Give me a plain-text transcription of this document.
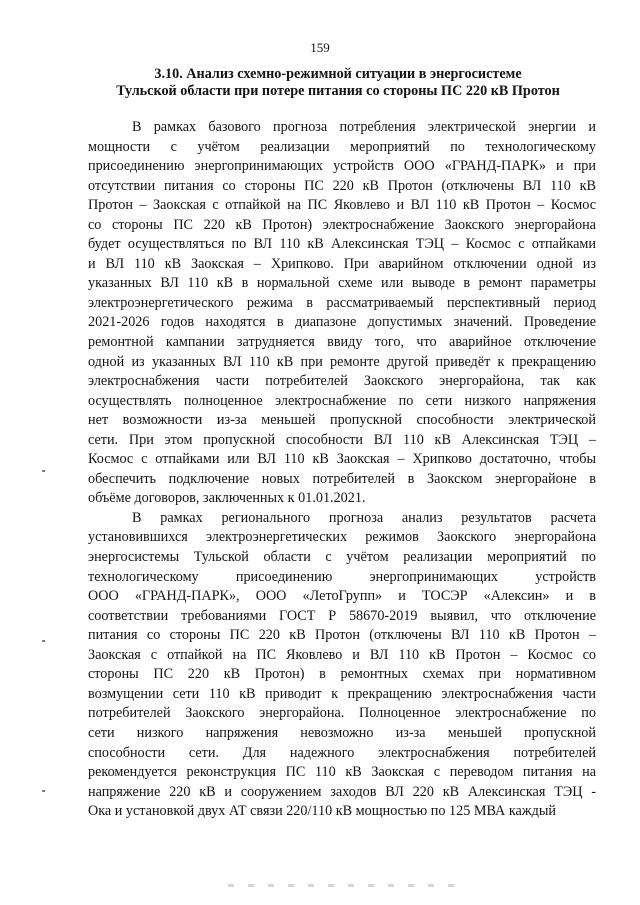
159
3.10. Анализ схемно-режимной ситуации в энергосистеме
Тульской области при потере питания со стороны ПС 220 кВ Протон
В рамках базового прогноза потребления электрической энергии и
мощности с учётом реализации мероприятий по технологическому
присоединению энергопринимающих устройств ООО «ГРАНД-ПАРК» и при
отсутствии питания со стороны ПС 220 кВ Протон (отключены ВЛ 110 кВ
Протон – Заокская с отпайкой на ПС Яковлево и ВЛ 110 кВ Протон – Космос
со стороны ПС 220 кВ Протон) электроснабжение Заокского энергорайона
будет осуществляться по ВЛ 110 кВ Алексинская ТЭЦ – Космос с отпайками
и ВЛ 110 кВ Заокская – Хрипково. При аварийном отключении одной из
указанных ВЛ 110 кВ в нормальной схеме или выводе в ремонт параметры
электроэнергетического режима в рассматриваемый перспективный период
2021-2026 годов находятся в диапазоне допустимых значений. Проведение
ремонтной кампании затрудняется ввиду того, что аварийное отключение
одной из указанных ВЛ 110 кВ при ремонте другой приведёт к прекращению
электроснабжения части потребителей Заокского энергорайона, так как
осуществлять полноценное электроснабжение по сети низкого напряжения
нет возможности из-за меньшей пропускной способности электрической
сети. При этом пропускной способности ВЛ 110 кВ Алексинская ТЭЦ –
Космос с отпайками или ВЛ 110 кВ Заокская – Хрипково достаточно, чтобы
обеспечить подключение новых потребителей в Заокском энергорайоне в
объёме договоров, заключенных к 01.01.2021.
В рамках регионального прогноза анализ результатов расчета
установившихся электроэнергетических режимов Заокского энергорайона
энергосистемы Тульской области с учётом реализации мероприятий по
технологическому присоединению энергопринимающих устройств
ООО «ГРАНД-ПАРК», ООО «ЛетоГрупп» и ТОСЭР «Алексин» и в
соответствии требованиями ГОСТ Р 58670-2019 выявил, что отключение
питания со стороны ПС 220 кВ Протон (отключены ВЛ 110 кВ Протон –
Заокская с отпайкой на ПС Яковлево и ВЛ 110 кВ Протон – Космос со
стороны ПС 220 кВ Протон) в ремонтных схемах при нормативном
возмущении сети 110 кВ приводит к прекращению электроснабжения части
потребителей Заокского энергорайона. Полноценное электроснабжение по
сети низкого напряжения невозможно из-за меньшей пропускной
способности сети. Для надежного электроснабжения потребителей
рекомендуется реконструкция ПС 110 кВ Заокская с переводом питания на
напряжение 220 кВ и сооружением заходов ВЛ 220 кВ Алексинская ТЭЦ -
Ока и установкой двух АТ связи 220/110 кВ мощностью по 125 МВА каждый
